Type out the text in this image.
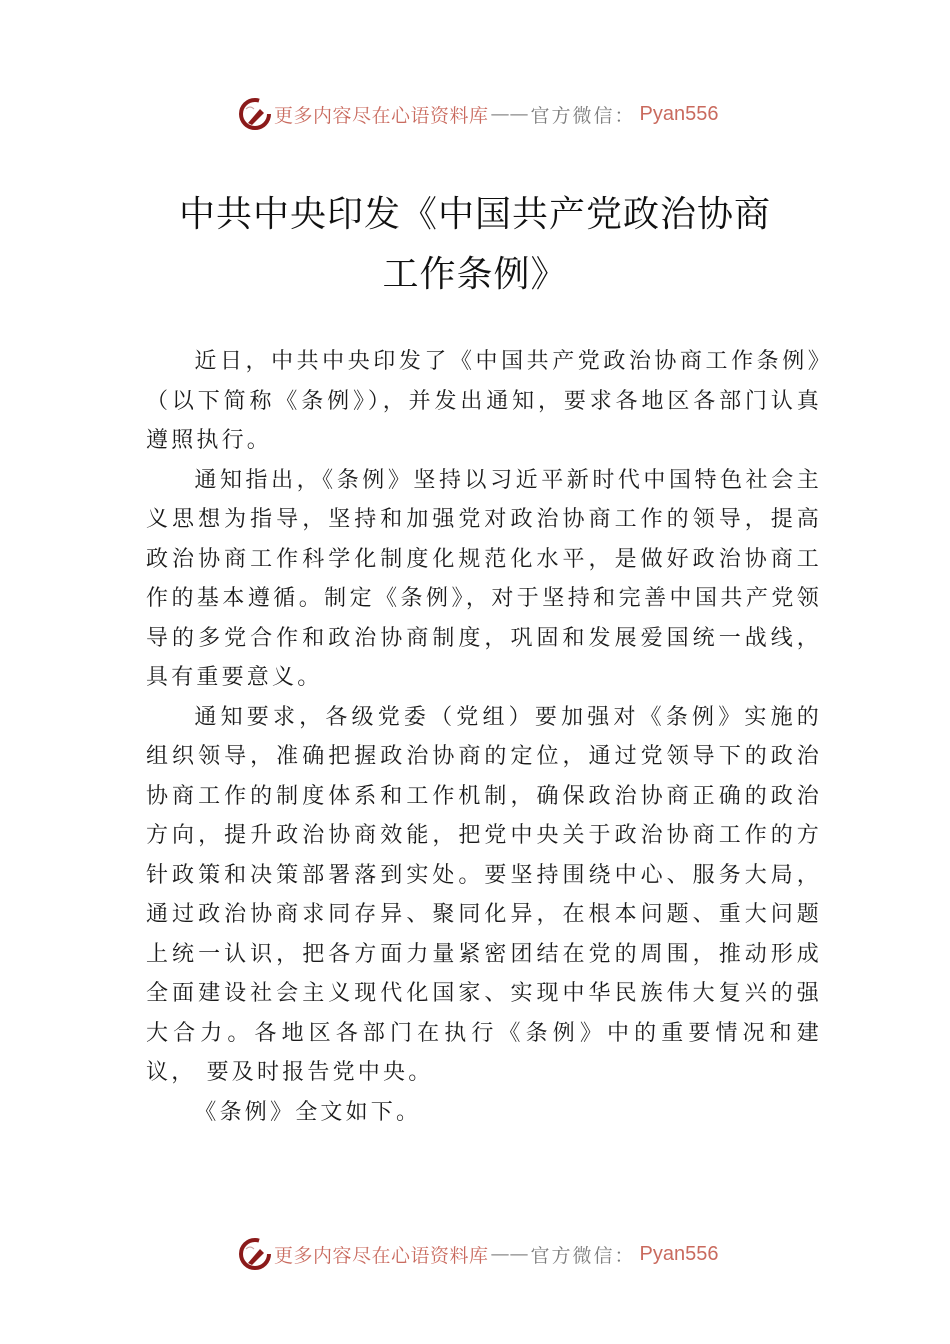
更多内容尽在心语资料库 —— 官方微信： Pyan556
中共中央印发《中国共产党政治协商
工作条例》

近日，中共中央印发了《中国共产党政治协商工作条例》（以下简称《条例》），并发出通知，要求各地区各部门认真遵照执行。

通知指出，《条例》坚持以习近平新时代中国特色社会主义思想为指导，坚持和加强党对政治协商工作的领导，提高政治协商工作科学化制度化规范化水平，是做好政治协商工作的基本遵循。制定《条例》，对于坚持和完善中国共产党领导的多党合作和政治协商制度，巩固和发展爱国统一战线， 具有重要意义。

通知要求，各级党委（党组）要加强对《条例》实施的组织领导，准确把握政治协商的定位，通过党领导下的政治协商工作的制度体系和工作机制，确保政治协商正确的政治方向，提升政治协商效能，把党中央关于政治协商工作的方针政策和决策部署落到实处。要坚持围绕中心、服务大局， 通过政治协商求同存异、聚同化异，在根本问题、重大问题上统一认识，把各方面力量紧密团结在党的周围，推动形成全面建设社会主义现代化国家、实现中华民族伟大复兴的强大合力。各地区各部门在执行《条例》中的重要情况和建议， 要及时报告党中央。

《条例》全文如下。

更多内容尽在心语资料库 —— 官方微信： Pyan556
